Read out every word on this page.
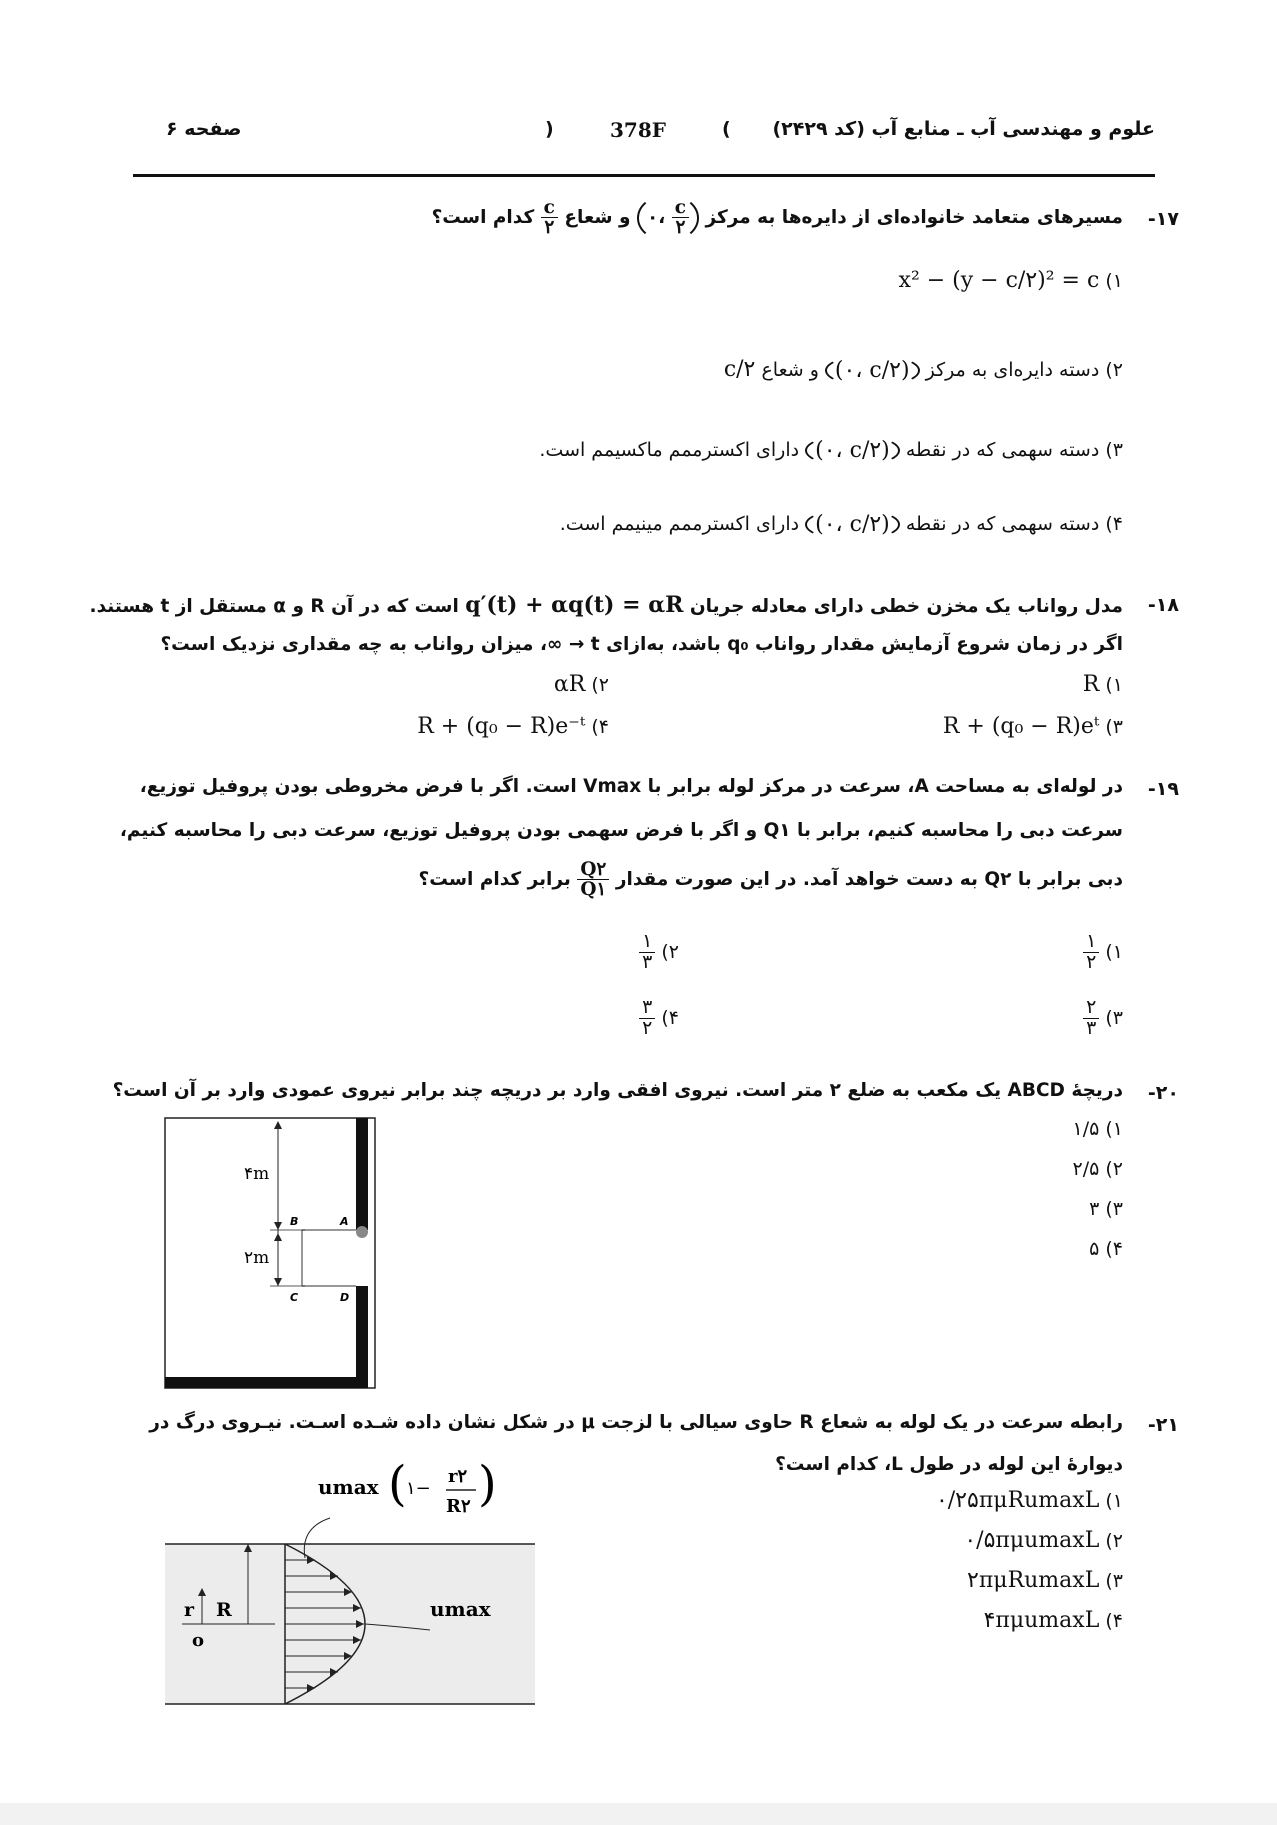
صفحه ۶	)	378F	( علوم و مهندسی آب ـ منابع آب (کد ۲۴۲۹)
۱۷-
مسیرهای متعامد خانواده‌ای از دایره‌ها به مرکز
$\frac{c}{۲}$
،۰ و شعاع
$\frac{c}{۲}$
کدام است؟
۱) x² − (y − c/۲)² = c
۲) دسته دایره‌ای به مرکز (۰، c/۲) و شعاع c/۲
۳) دسته سهمی که در نقطه (۰، c/۲) دارای اکسترممم ماکسیمم است.
۴) دسته سهمی که در نقطه (۰، c/۲) دارای اکسترممم مینیمم است.
۱۸-
مدل رواناب یک مخزن خطی دارای معادله جریان q′(t) + αq(t) = αR است که در آن R و α مستقل از t هستند.
اگر در زمان شروع آزمایش مقدار رواناب q₀ باشد، به‌ازای t → ∞، میزان رواناب به چه مقداری نزدیک است؟
۱) R
۲) αR
۳) R + (q₀ − R)eᵗ
۴) R + (q₀ − R)e⁻ᵗ
۱۹-
در لوله‌ای به مساحت A، سرعت در مرکز لوله برابر با Vmax است. اگر با فرض مخروطی بودن پروفیل توزیع،
سرعت دبی را محاسبه کنیم، برابر با Q۱ و اگر با فرض سهمی بودن پروفیل توزیع، سرعت دبی را محاسبه کنیم،
دبی برابر با Q۲ به دست خواهد آمد. در این صورت مقدار
$\frac{Q۲}{Q۱}$
برابر کدام است؟
۱)
$\frac{۱}{۲}$
۲)
$\frac{۱}{۳}$
۳)
$\frac{۲}{۳}$
۴)
$\frac{۳}{۲}$
۲۰-
دریچهٔ ABCD یک مکعب به ضلع ۲ متر است. نیروی افقی وارد بر دریچه چند برابر نیروی عمودی وارد بر آن است؟
۱) ۱/۵
۲) ۲/۵
۳) ۳
۴) ۵
۴m
۲m
A
B
C	D
۲۱-
رابطه سرعت در یک لوله به شعاع R حاوی سیالی با لزجت μ در شکل نشان داده شـده اسـت. نیـروی درگ در
دیوارهٔ این لوله در طول L، کدام است؟
۱) ۰/۲۵πμRumaxL
۲) ۰/۵πμumaxL
۳) ۲πμRumaxL
۴) ۴πμumaxL
umax ( ۱−
r۲
R۲ )
umax
r R
o
